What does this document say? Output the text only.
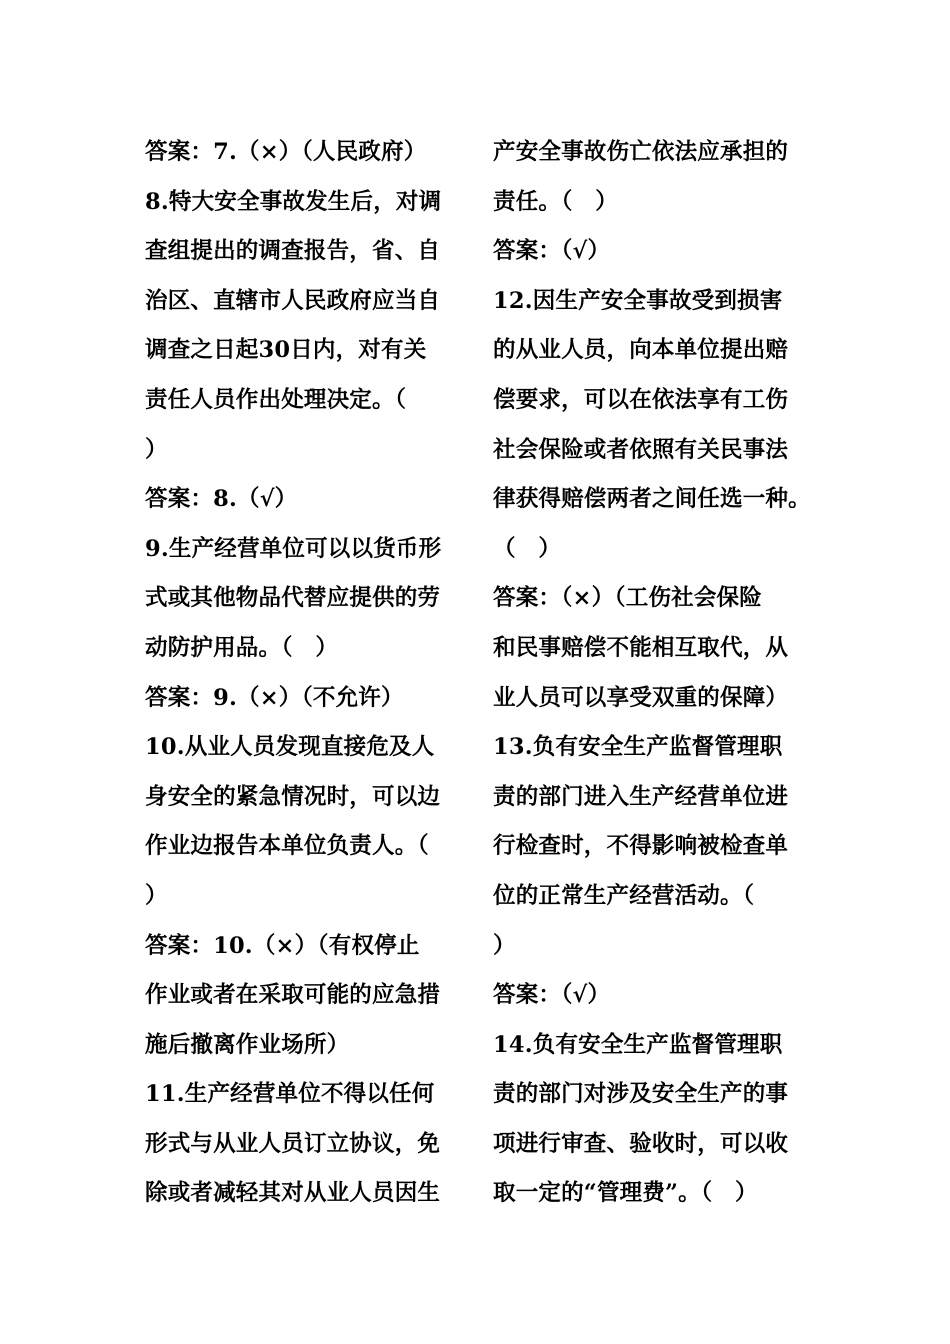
答案：7.（×）（人民政府）
8.特大安全事故发生后，对调
查组提出的调查报告，省、自
治区、直辖市人民政府应当自
调查之日起30日内，对有关
责任人员作出处理决定。（
）
答案：8.（√）
9.生产经营单位可以以货币形
式或其他物品代替应提供的劳
动防护用品。（　）
答案：9.（×）（不允许）
10.从业人员发现直接危及人
身安全的紧急情况时，可以边
作业边报告本单位负责人。（
）
答案：10.（×）（有权停止
作业或者在采取可能的应急措
施后撤离作业场所）
11.生产经营单位不得以任何
形式与从业人员订立协议，免
除或者减轻其对从业人员因生
产安全事故伤亡依法应承担的
责任。（　）
答案：（√）
12.因生产安全事故受到损害
的从业人员，向本单位提出赔
偿要求，可以在依法享有工伤
社会保险或者依照有关民事法
律获得赔偿两者之间任选一种。
（　）
答案：（×）（工伤社会保险
和民事赔偿不能相互取代，从
业人员可以享受双重的保障）
13.负有安全生产监督管理职
责的部门进入生产经营单位进
行检查时，不得影响被检查单
位的正常生产经营活动。（
）
答案：（√）
14.负有安全生产监督管理职
责的部门对涉及安全生产的事
项进行审查、验收时，可以收
取一定的“管理费”。（　）
